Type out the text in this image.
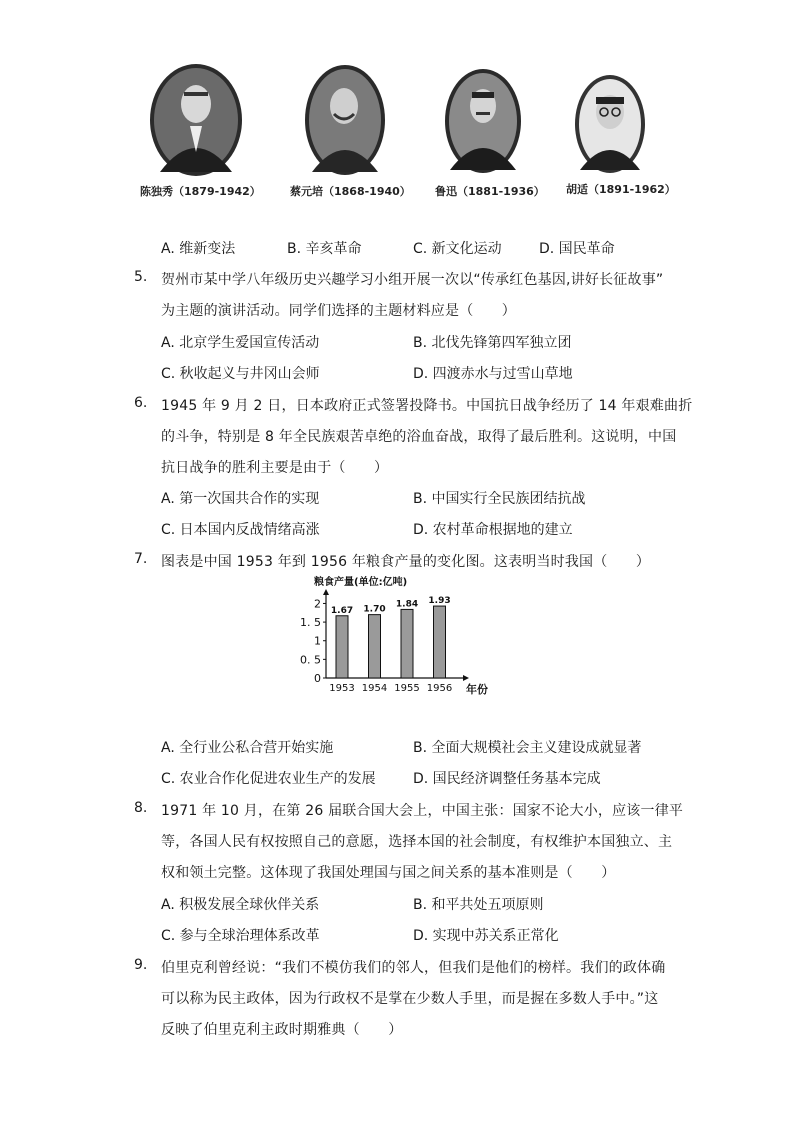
陈独秀（1879-1942）	蔡元培（1868-1940） 鲁迅（1881-1936） 胡适（1891-1962）
A. 维新变法	B. 辛亥革命	C. 新文化运动	D. 国民革命
5. 贺州市某中学八年级历史兴趣学习小组开展一次以“传承红色基因,讲好长征故事”
为主题的演讲活动。同学们选择的主题材料应是（　　）
A. 北京学生爱国宣传活动	B. 北伐先锋第四军独立团
C. 秋收起义与井冈山会师	D. 四渡赤水与过雪山草地
6. 1945 年 9 月 2 日，日本政府正式签署投降书。中国抗日战争经历了 14 年艰难曲折
的斗争，特别是 8 年全民族艰苦卓绝的浴血奋战，取得了最后胜利。这说明，中国
抗日战争的胜利主要是由于（　　）
A. 第一次国共合作的实现	B. 中国实行全民族团结抗战
C. 日本国内反战情绪高涨	D. 农村革命根据地的建立
7. 图表是中国 1953 年到 1956 年粮食产量的变化图。这表明当时我国（　　）
粮食产量(单位:亿吨)
0
0. 5
1
1. 5
2
1.67 1.70
1.84 1.93
1953 1954 1955 1956 年份
A. 全行业公私合营开始实施	B. 全面大规模社会主义建设成就显著
C. 农业合作化促进农业生产的发展	D. 国民经济调整任务基本完成
8. 1971 年 10 月，在第 26 届联合国大会上，中国主张：国家不论大小，应该一律平
等，各国人民有权按照自己的意愿，选择本国的社会制度，有权维护本国独立、主
权和领土完整。这体现了我国处理国与国之间关系的基本准则是（　　）
A. 积极发展全球伙伴关系	B. 和平共处五项原则
C. 参与全球治理体系改革	D. 实现中苏关系正常化
9. 伯里克利曾经说：“我们不模仿我们的邻人，但我们是他们的榜样。我们的政体确
可以称为民主政体，因为行政权不是掌在少数人手里，而是握在多数人手中。”这
反映了伯里克利主政时期雅典（　　）
